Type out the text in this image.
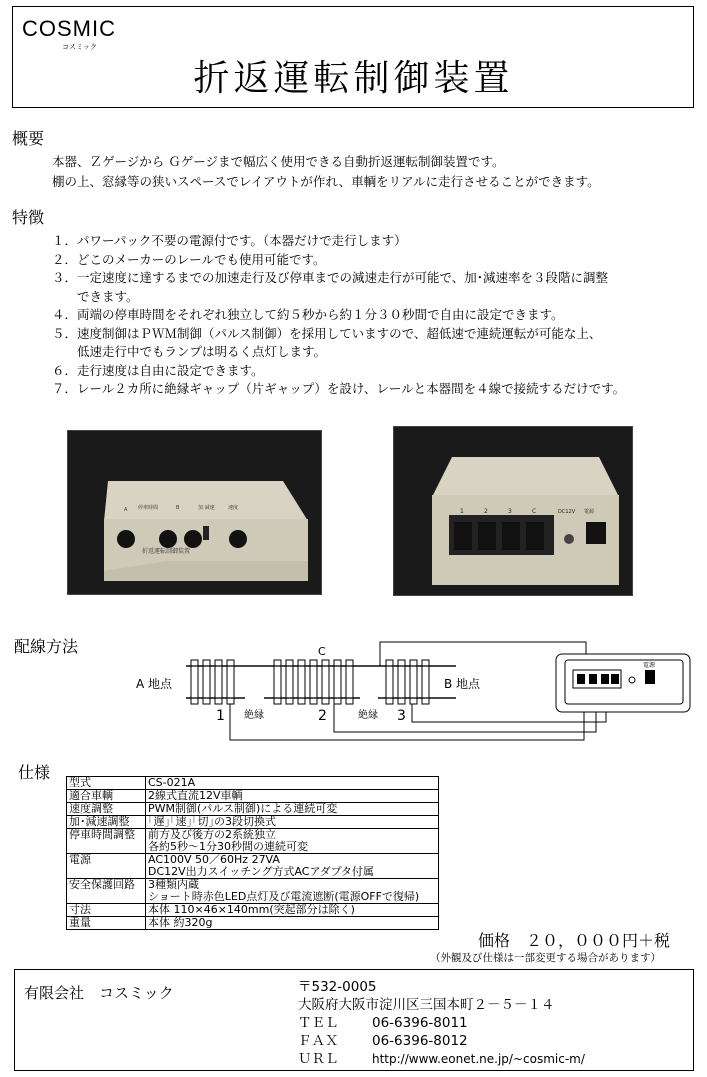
COSMIC
コスミック
折返運転制御装置
概要
本器、Ｚゲージから Ｇゲージまで幅広く使用できる自動折返運転制御装置です。
棚の上、窓縁等の狭いスペースでレイアウトが作れ、車輌をリアルに走行させることができます。
特徴
１．パワーパック不要の電源付です。（本器だけで走行します）
２．どこのメーカーのレールでも使用可能です。
３．一定速度に達するまでの加速走行及び停車までの減速走行が可能で、加･減速率を３段階に調整
　　できます。
４．両端の停車時間をそれぞれ独立して約５秒から約１分３０秒間で自由に設定できます。
５．速度制御はＰＷＭ制御（パルス制御）を採用していますので、超低速で連続運転が可能な上、
　　低速走行中でもランプは明るく点灯します。
６．走行速度は自由に設定できます。
７．レール２カ所に絶縁ギャップ（片ギャップ）を設け、レールと本器間を４線で接続するだけです。
折返運転制御装置
A 停車時間	B	加 減速	速度	1	2	3	C	DC12V 電源
配線方法
電源
C
A 地点	B 地点
1	2	3
絶縁	絶縁
仕様
型式	CS-021A

適合車輌	2線式直流12V車輌

速度調整	PWM制御(パルス制御)による連続可変

加･減速調整	｢遅｣｢速｣｢切｣の3段切換式

停車時間調整	前方及び後方の2系統独立
各約5秒～1分30秒間の連続可変

電源	AC100V 50／60Hz 27VA
DC12V出力スイッチング方式ACアダプタ付属

安全保護回路	3種類内蔵
ショート時赤色LED点灯及び電流遮断(電源OFFで復帰)

寸法	本体 110×46×140mm(突起部分は除く)

重量	本体 約320g
価格　２０，０００円＋税
（外観及び仕様は一部変更する場合があります）
有限会社　コスミック	〒532-0005
大阪府大阪市淀川区三国本町２－５－１４
ＴＥＬ 06-6396-8011
ＦＡＸ 06-6396-8012
ＵＲＬ	http://www.eonet.ne.jp/~cosmic-m/
